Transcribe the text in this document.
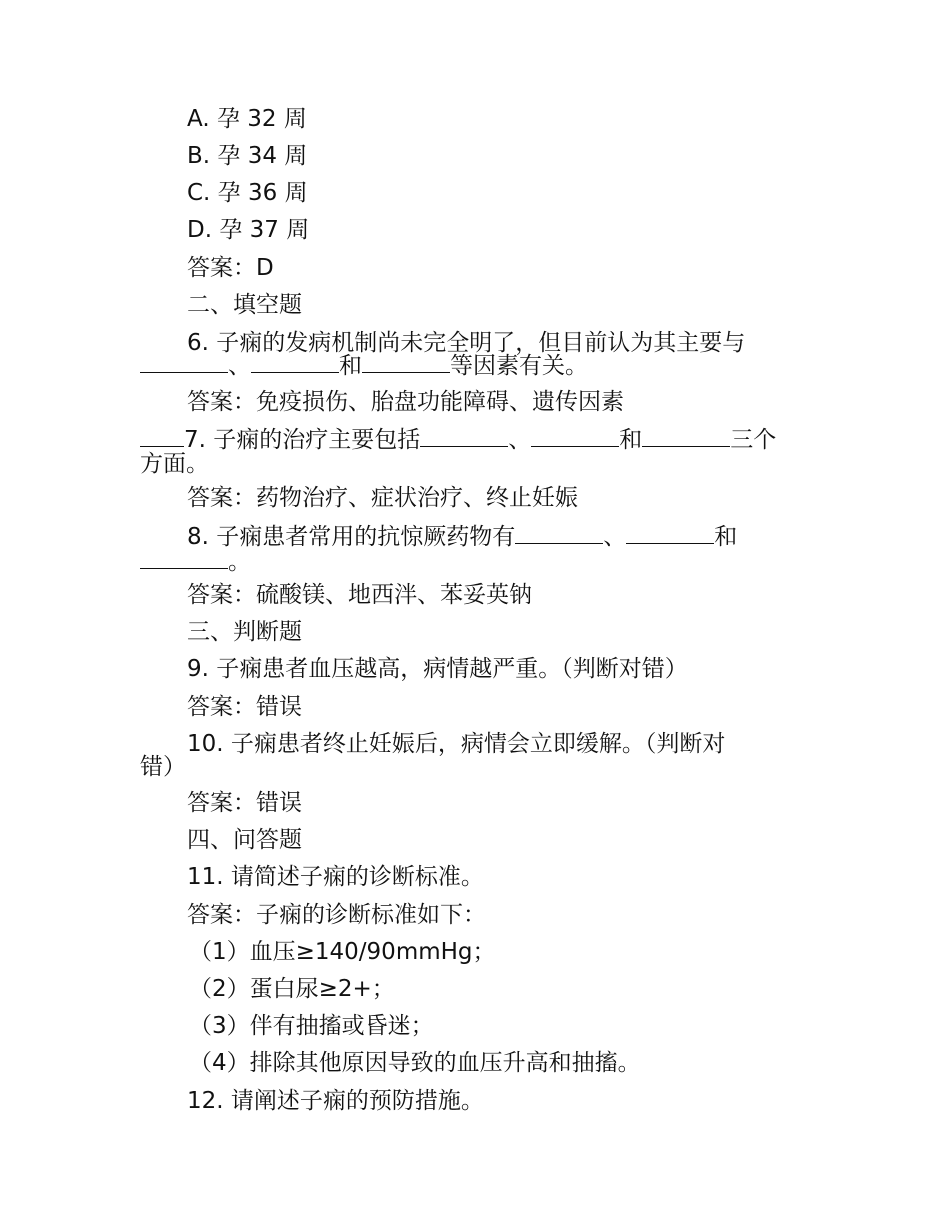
A. 孕 32 周
B. 孕 34 周
C. 孕 36 周
D. 孕 37 周
答案：D
二、填空题
6. 子痫的发病机制尚未完全明了，但目前认为其主要与
、	和	等因素有关。
答案：免疫损伤、胎盘功能障碍、遗传因素
7. 子痫的治疗主要包括	、	和	三个
方面。
答案：药物治疗、症状治疗、终止妊娠
8. 子痫患者常用的抗惊厥药物有	、	和
。
答案：硫酸镁、地西泮、苯妥英钠
三、判断题
9. 子痫患者血压越高，病情越严重。（判断对错）
答案：错误
10. 子痫患者终止妊娠后，病情会立即缓解。（判断对
错）
答案：错误
四、问答题
11. 请简述子痫的诊断标准。
答案：子痫的诊断标准如下：
（1）血压≥140/90mmHg；
（2）蛋白尿≥2+；
（3）伴有抽搐或昏迷；
（4）排除其他原因导致的血压升高和抽搐。
12. 请阐述子痫的预防措施。
